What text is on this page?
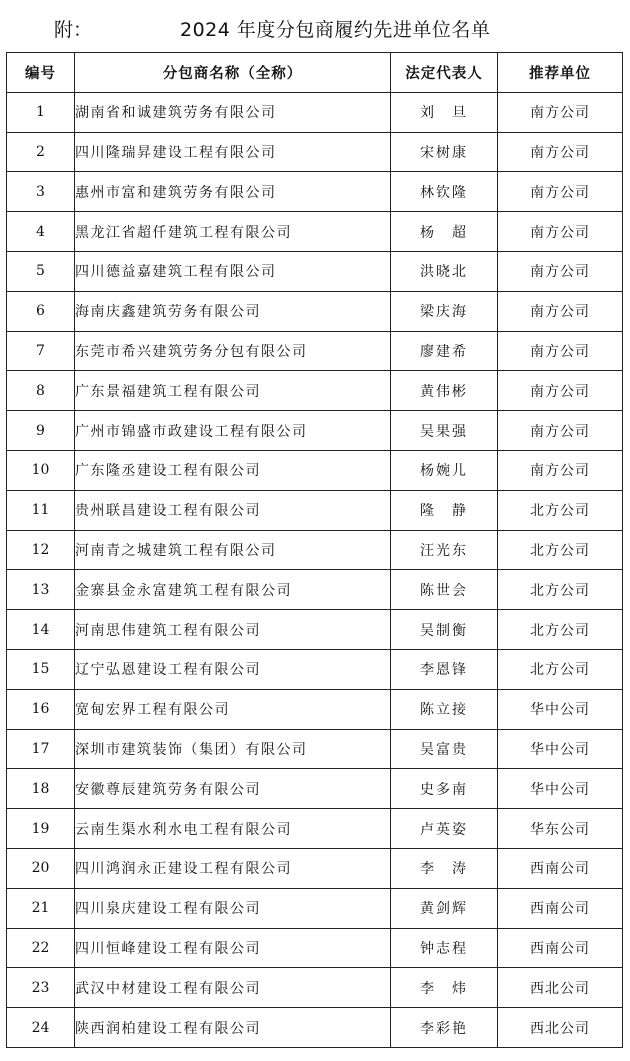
附：	2024 年度分包商履约先进单位名单
编号	分包商名称（全称）	法定代表人	推荐单位
1	湖南省和诚建筑劳务有限公司	刘　旦	南方公司
2	四川隆瑞昇建设工程有限公司	宋树康	南方公司
3	惠州市富和建筑劳务有限公司	林钦隆	南方公司
4	黑龙江省超仟建筑工程有限公司	杨　超	南方公司
5	四川德益嘉建筑工程有限公司	洪晓北	南方公司
6	海南庆鑫建筑劳务有限公司	梁庆海	南方公司
7	东莞市希兴建筑劳务分包有限公司	廖建希	南方公司
8	广东景福建筑工程有限公司	黄伟彬	南方公司
9	广州市锦盛市政建设工程有限公司	吴果强	南方公司
10	广东隆丞建设工程有限公司	杨婉儿	南方公司
11	贵州联昌建设工程有限公司	隆　静	北方公司
12	河南青之城建筑工程有限公司	汪光东	北方公司
13	金寨县金永富建筑工程有限公司	陈世会	北方公司
14	河南思伟建筑工程有限公司	吴制衡	北方公司
15	辽宁弘恩建设工程有限公司	李恩锋	北方公司
16	宽甸宏界工程有限公司	陈立接	华中公司
17	深圳市建筑装饰（集团）有限公司	吴富贵	华中公司
18	安徽尊辰建筑劳务有限公司	史多南	华中公司
19	云南生渠水利水电工程有限公司	卢英姿	华东公司
20	四川鸿润永正建设工程有限公司	李　涛	西南公司
21	四川泉庆建设工程有限公司	黄剑辉	西南公司
22	四川恒峰建设工程有限公司	钟志程	西南公司
23	武汉中材建设工程有限公司	李　炜	西北公司
24	陕西润柏建设工程有限公司	李彩艳	西北公司
